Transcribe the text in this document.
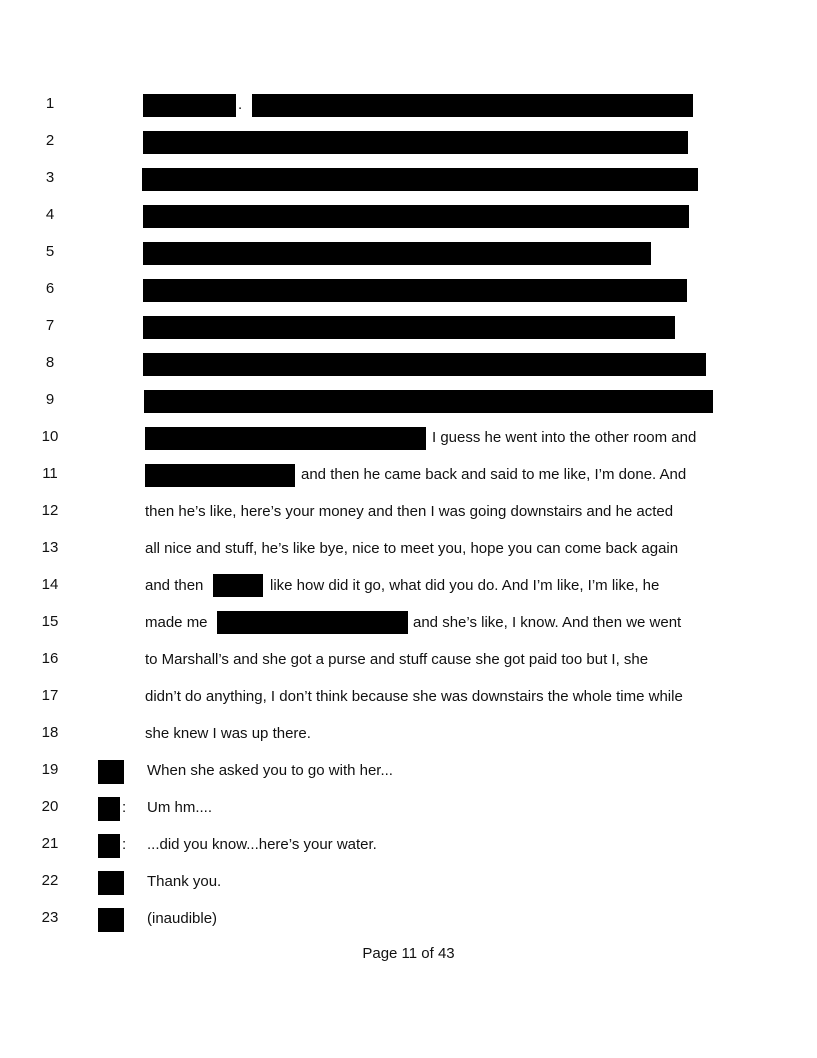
1
2
3
4
5
6
7
8
9
10
11
12
13
14
15
16
17
18
19
20
21
22
23
.
I guess he went into the other room and
and then he came back and said to me like, I’m done. And
then he’s like, here’s your money and then I was going downstairs and he acted
all nice and stuff, he’s like bye, nice to meet you, hope you can come back again
and then	like how did it go, what did you do. And I’m like, I’m like, he
made me	and she’s like, I know. And then we went
to Marshall’s and she got a purse and stuff cause she got paid too but I, she
didn’t do anything, I don’t think because she was downstairs the whole time while
she knew I was up there.
When she asked you to go with her...
: Um hm....
: ...did you know...here’s your water.
Thank you.
(inaudible)
Page 11 of 43
